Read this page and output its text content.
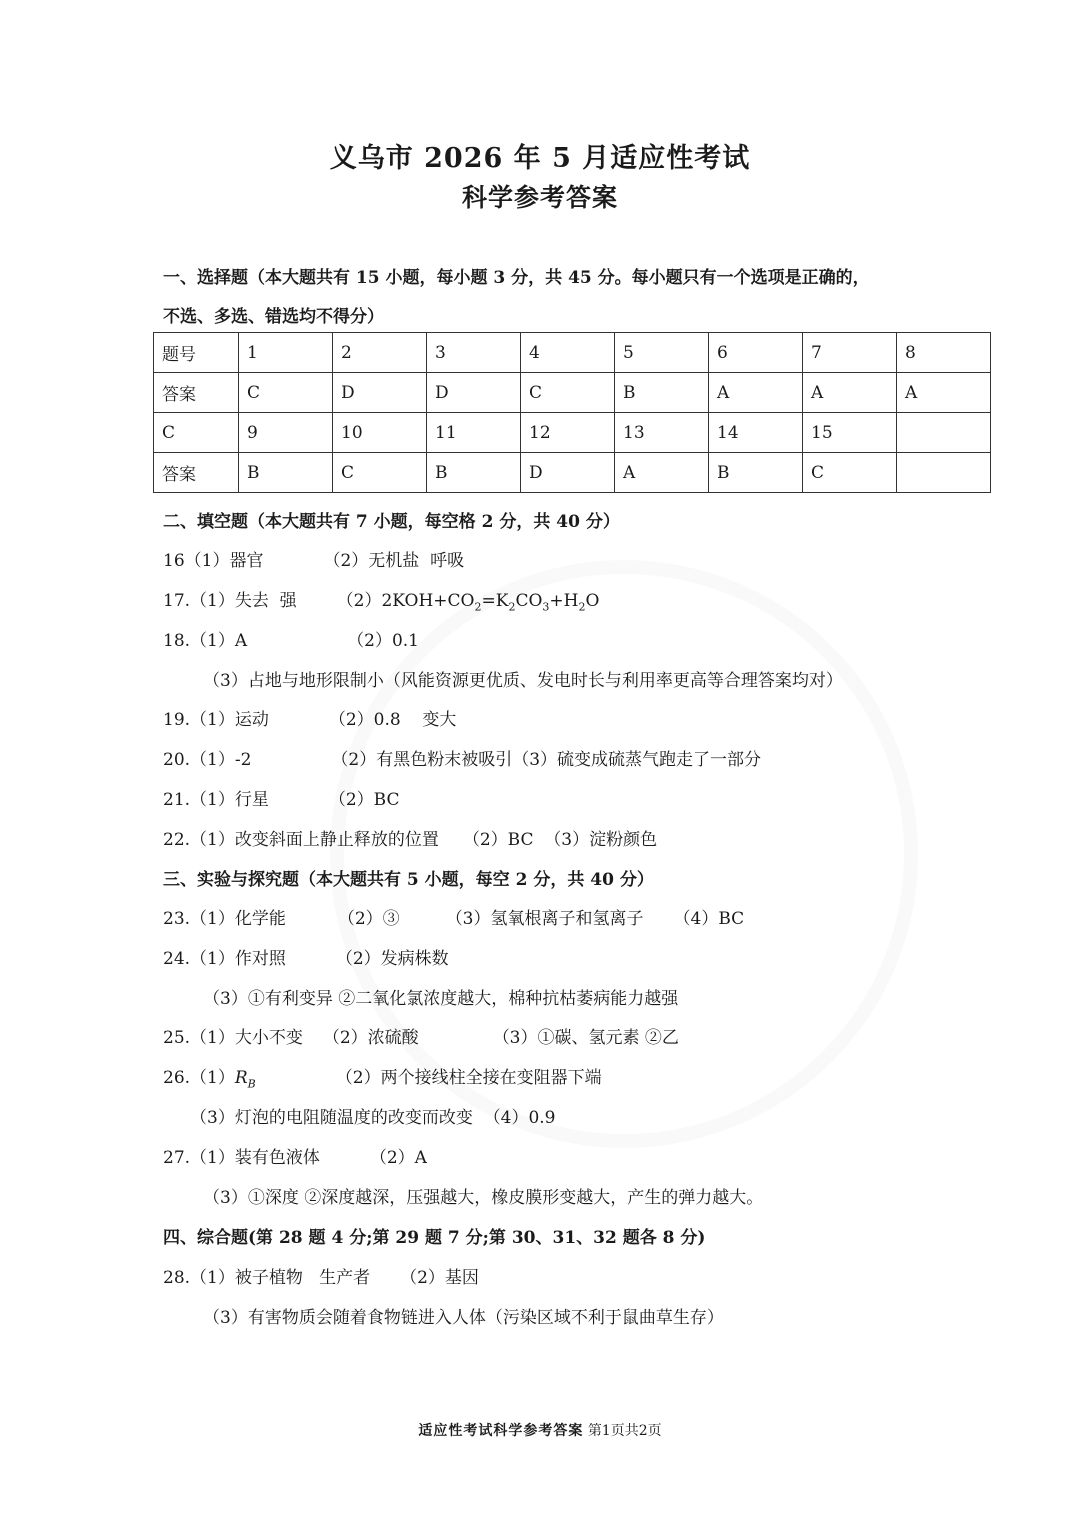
义乌市 2026 年 5 月适应性考试
科学参考答案
一、选择题（本大题共有 15 小题，每小题 3 分，共 45 分。每小题只有一个选项是正确的，
不选、多选、错选均不得分）
题号	1	2	3	4	5	6	7	8
答案	C	D	D	C	B	A	A	A
C	9	10	11	12	13	14	15	
答案	B	C	B	D	A	B	C	
二、填空题（本大题共有 7 小题，每空格 2 分，共 40 分）
16（1）器官	（2）无机盐  呼吸
17.（1）失去  强 $(2)2KOH+CO_2=K_2CO_3+H_2O$
18.（1）A	（2）0.1
（3）占地与地形限制小（风能资源更优质、发电时长与利用率更高等合理答案均对）
19.（1）运动	（2）0.8    变大
20.（1）-2	（2）有黑色粉末被吸引（3）硫变成硫蒸气跑走了一部分
21.（1）行星	（2）BC
22.（1）改变斜面上静止释放的位置 （2）BC  （3）淀粉颜色
三、实验与探究题（本大题共有 5 小题，每空 2 分，共 40 分）
23.（1）化学能	（2）③	（3）氢氧根离子和氢离子 （4）BC
24.（1）作对照	（2）发病株数
（3）①有利变异 ②二氧化氯浓度越大，棉种抗枯萎病能力越强
25.（1）大小不变 （2）浓硫酸	（3）①碳、氢元素 ②乙
$26.(1)R_B$	（2）两个接线柱全接在变阻器下端
（3）灯泡的电阻随温度的改变而改变  （4）0.9
27.（1）装有色液体	（2）A
（3）①深度 ②深度越深，压强越大，橡皮膜形变越大，产生的弹力越大。
四、综合题(第 28 题 4 分;第 29 题 7 分;第 30、31、32 题各 8 分)
28.（1）被子植物   生产者 （2）基因
（3）有害物质会随着食物链进入人体（污染区域不利于鼠曲草生存）
适应性考试科学参考答案 第1页共2页
